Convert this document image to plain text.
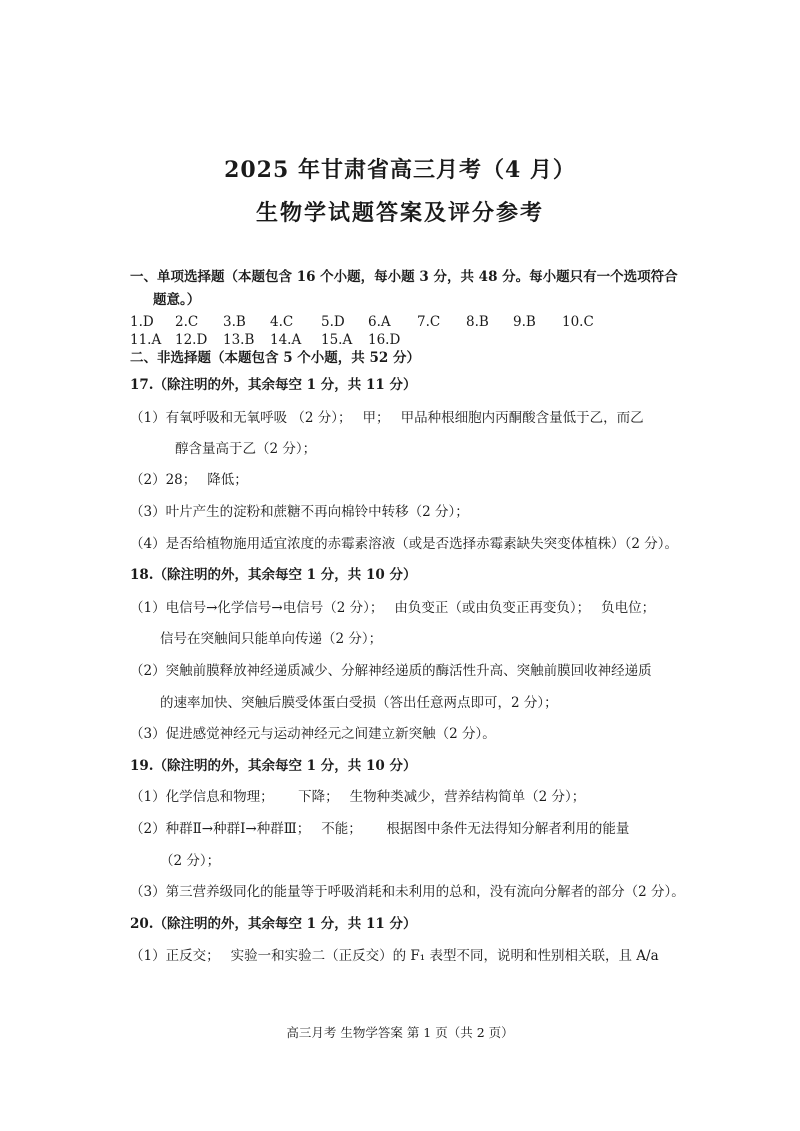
2025 年甘肃省高三月考（4 月）
生物学试题答案及评分参考
一、单项选择题（本题包含 16 个小题，每小题 3 分，共 48 分。每小题只有一个选项符合
题意。）
1.D 2.C 3.B 4.C 5.D 6.A 7.C 8.B 9.B 10.C
11.A 12.D 13.B 14.A 15.A 16.D
二、非选择题（本题包含 5 个小题，共 52 分）
17.（除注明的外，其余每空 1 分，共 11 分）
（1）有氧呼吸和无氧呼吸 （2 分）；　 甲；　 甲品种根细胞内丙酮酸含量低于乙，而乙
醇含量高于乙（2 分）；
（2）28；　 降低；
（3）叶片产生的淀粉和蔗糖不再向棉铃中转移（2 分）；
（4）是否给植物施用适宜浓度的赤霉素溶液（或是否选择赤霉素缺失突变体植株）（2 分）。
18.（除注明的外，其余每空 1 分，共 10 分）
（1）电信号→化学信号→电信号（2 分）；　 由负变正（或由负变正再变负）；　 负电位；
信号在突触间只能单向传递（2 分）；
（2）突触前膜释放神经递质减少、分解神经递质的酶活性升高、突触前膜回收神经递质
的速率加快、突触后膜受体蛋白受损（答出任意两点即可，2 分）；
（3）促进感觉神经元与运动神经元之间建立新突触（2 分）。
19.（除注明的外，其余每空 1 分，共 10 分）
（1）化学信息和物理；　　 下降；　 生物种类减少，营养结构简单（2 分）；
（2）种群Ⅱ→种群Ⅰ→种群Ⅲ；　 不能；　　 根据图中条件无法得知分解者利用的能量
（2 分）；
（3）第三营养级同化的能量等于呼吸消耗和未利用的总和，没有流向分解者的部分（2 分）。
20.（除注明的外，其余每空 1 分，共 11 分）
（1）正反交；　 实验一和实验二（正反交）的 F₁ 表型不同，说明和性别相关联，且 A/a
高三月考 生物学答案 第 1 页（共 2 页）
